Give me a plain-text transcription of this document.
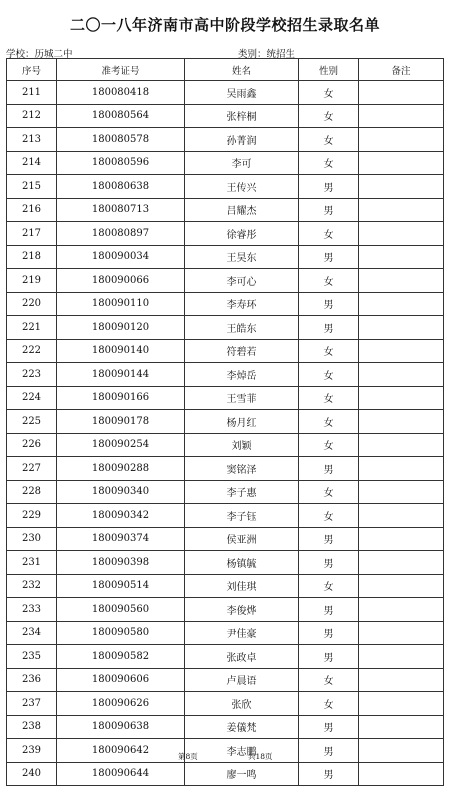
二〇一八年济南市高中阶段学校招生录取名单
学校：历城二中	类别：统招生
序号	准考证号	姓名	性别	备注
211	180080418	吴雨鑫	女	
212	180080564	张梓桐	女	
213	180080578	孙菁润	女	
214	180080596	李可	女	
215	180080638	王传兴	男	
216	180080713	吕耀杰	男	
217	180080897	徐睿彤	女	
218	180090034	王昊东	男	
219	180090066	李可心	女	
220	180090110	李寿环	男	
221	180090120	王皓东	男	
222	180090140	符碧若	女	
223	180090144	李焯岳	女	
224	180090166	王雪菲	女	
225	180090178	杨月红	女	
226	180090254	刘颖	女	
227	180090288	窦铭泽	男	
228	180090340	李子惠	女	
229	180090342	李子钰	女	
230	180090374	侯亚洲	男	
231	180090398	杨镇毓	男	
232	180090514	刘佳琪	女	
233	180090560	李俊烨	男	
234	180090580	尹佳豪	男	
235	180090582	张政卓	男	
236	180090606	卢晨语	女	
237	180090626	张欣	女	
238	180090638	姜儀梵	男	
239	180090642	李志鹏	男	
240	180090644	廖一鸣	男	
第8页	共18页
